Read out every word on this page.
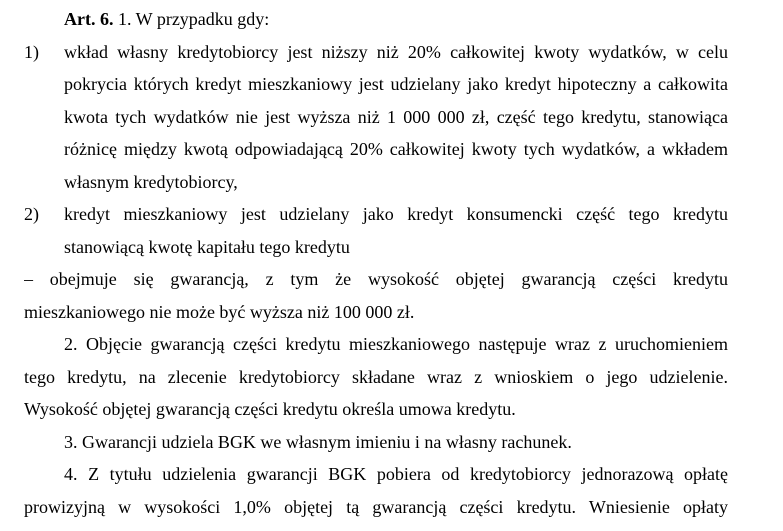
Art. 6. 1. W przypadku gdy:
1)	wkład własny kredytobiorcy jest niższy niż 20% całkowitej kwoty wydatków, w celu
pokrycia których kredyt mieszkaniowy jest udzielany jako kredyt hipoteczny a całkowita
kwota tych wydatków nie jest wyższa niż 1 000 000 zł, część tego kredytu, stanowiąca
różnicę między kwotą odpowiadającą 20% całkowitej kwoty tych wydatków, a wkładem
własnym kredytobiorcy,
2)	kredyt mieszkaniowy jest udzielany jako kredyt konsumencki część tego kredytu
stanowiącą kwotę kapitału tego kredytu
– obejmuje się gwarancją, z tym że wysokość objętej gwarancją części kredytu
mieszkaniowego nie może być wyższa niż 100 000 zł.
2. Objęcie gwarancją części kredytu mieszkaniowego następuje wraz z uruchomieniem
tego kredytu, na zlecenie kredytobiorcy składane wraz z wnioskiem o jego udzielenie.
Wysokość objętej gwarancją części kredytu określa umowa kredytu.
3. Gwarancji udziela BGK we własnym imieniu i na własny rachunek.
4. Z tytułu udzielenia gwarancji BGK pobiera od kredytobiorcy jednorazową opłatę
prowizyjną w wysokości 1,0% objętej tą gwarancją części kredytu. Wniesienie opłaty
